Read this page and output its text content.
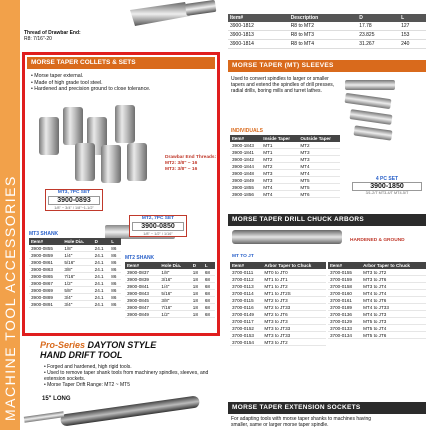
MACHINE TOOL ACCESSORIES
Thread of Drawbar End:
R8: 7/16"-20
Item#	Description	D	L
3900-1812	R8 to MT2	17.78	127
3900-1813	R8 to MT3	23.825	153
3900-1814	R8 to MT4	31.267	240
MORSE TAPER COLLETS & SETS
• Morse taper external.
• Made of high grade tool steel.
• Hardened and precision ground to close tolerance.
Drawbar End Threads:
MT2: 3/8" ~ 16
MT3: 3/8" ~ 16
MT3, 7PC SET
3900-0893
1/8" ~ 3/4" / 1/8"~1-1/2"
MT2, 7PC SET
3900-0850
1/8" ~ 1/2" / 1/16"
MT3 SHANK
Item#	Hole Dia.	D	L
3900-0855	1/8"	24.1	86
3900-0859	1/4"	24.1	86
3900-0861	5/16"	24.1	86
3900-0863	3/8"	24.1	86
3900-0865	7/16"	24.1	86
3900-0867	1/2"	24.1	86
3900-0869	5/8"	24.1	86
3900-0889	3/4"	24.1	86
3900-0891	3/4"	24.1	86
MT2 SHANK
Item#	Hole Dia.	D	L
3900-0837	1/8"	18	68
3900-0839	3/16"	18	68
3900-0841	1/4"	18	68
3900-0843	5/16"	18	68
3900-0845	3/8"	18	68
3900-0847	7/16"	18	68
3900-0849	1/2"	18	68
MORSE TAPER (MT) SLEEVES
Used to convert spindles to larger or smaller tapers and extend the spindles of drill presses, radial drills, boring mills and turret lathes.
INDIVIDUALS
Item#	Inside Taper	Outside Taper
3900-1843	MT1	MT2
3900-1841	MT1	MT3
3900-1842	MT2	MT3
3900-1844	MT2	MT4
3900-1848	MT3	MT4
3900-1849	MT3	MT5
3900-1855	MT4	MT5
3900-1856	MT4	MT6
4 PC SET
3900-1850
3/1-2/T MT3-4/T MT4-5/T
MORSE TAPER DRILL CHUCK ARBORS
HARDENED & GROUND
MT TO JT
Item#	Arbor Taper to Chuck
3700-0111	MT0 to JT0
3700-0112	MT1 to JT1
3700-0113	MT1 to JT2
3700-0114	MT1 to JT2S
3700-0115	MT2 to JT3
3700-0116	MT2 to JT33
3700-0149	MT2 to JT6
3700-0117	MT3 to JT3
3700-0152	MT3 to JT33
3700-0153	MT3 to JT33
3700-0154	MT3 to JT2
Item#	Arbor Taper to Chuck
3700-0155	MT3 to JT2
3700-0159	MT3 to JT6
3700-0158	MT3 to JT4
3700-0160	MT4 to JT4
3700-0161	MT4 to JT6
3700-0189	MT4 to JT33
3700-0136	MT4 to JT3
3700-0129	MT5 to JT3
3700-0133	MT5 to JT4
3700-0134	MT5 to JT6
MORSE TAPER EXTENSION SOCKETS
For adapting tools with morse taper shanks to machines having smaller, same or larger morse taper spindle.
Pro-Series DAYTON STYLE
HAND DRIFT TOOL
• Forged and hardened, high rigid tools.
• Used to remove taper shank tools from machinery spindles, sleeves, and extension sockets.
• Morse Taper Drift Range: MT2 ~ MT5
15" LONG
